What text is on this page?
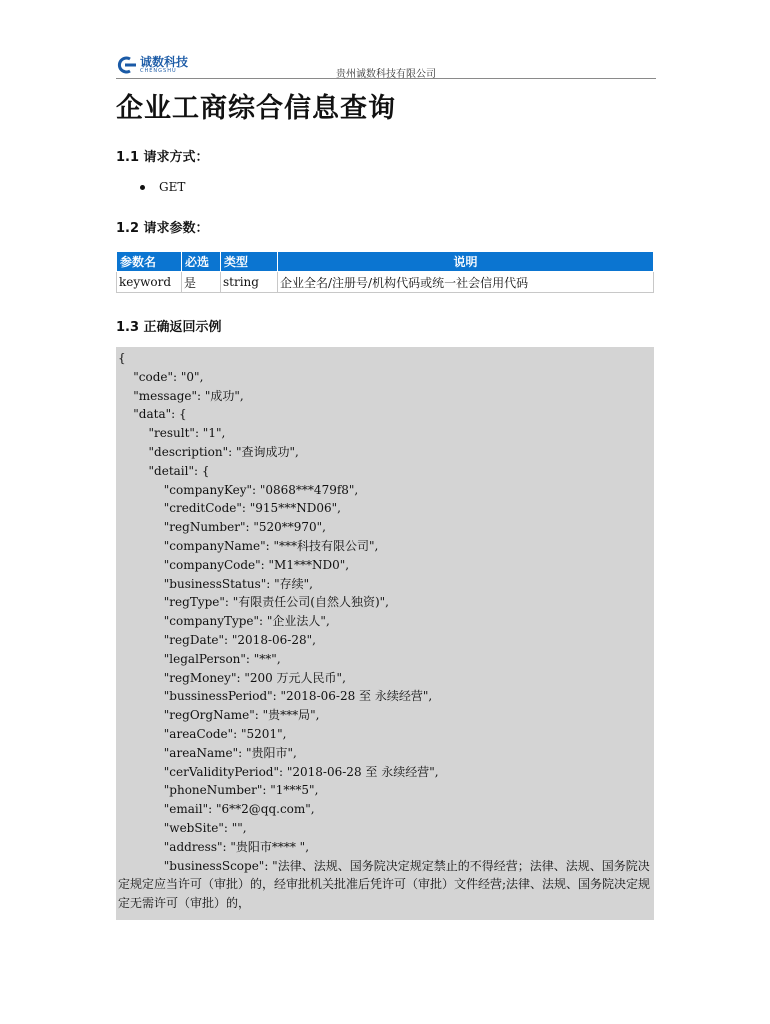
诚数科技
CHENGSHU	贵州诚数科技有限公司
企业工商综合信息查询
1.1 请求方式：
GET
1.2 请求参数：
参数名	必选	类型	说明
keyword	是	string	企业全名/注册号/机构代码或统一社会信用代码
1.3 正确返回示例
{
"code": "0",
"message": "成功",
"data": {
"result": "1",
"description": "查询成功",
"detail": {
"companyKey": "0868***479f8",
"creditCode": "915***ND06",
"regNumber": "520**970",
"companyName": "***科技有限公司",
"companyCode": "M1***ND0",
"businessStatus": "存续",
"regType": "有限责任公司(自然人独资)",
"companyType": "企业法人",
"regDate": "2018-06-28",
"legalPerson": "**",
"regMoney": "200 万元人民币",
"bussinessPeriod": "2018-06-28 至 永续经营",
"regOrgName": "贵***局",
"areaCode": "5201",
"areaName": "贵阳市",
"cerValidityPeriod": "2018-06-28 至 永续经营",
"phoneNumber": "1***5",
"email": "6**2@qq.com",
"webSite": "",
"address": "贵阳市**** ",
"businessScope": "法律、法规、国务院决定规定禁止的不得经营；法律、法规、国务院决定规定应当许可（审批）的，经审批机关批准后凭许可（审批）文件经营;法律、法规、国务院决定规定无需许可（审批）的，
